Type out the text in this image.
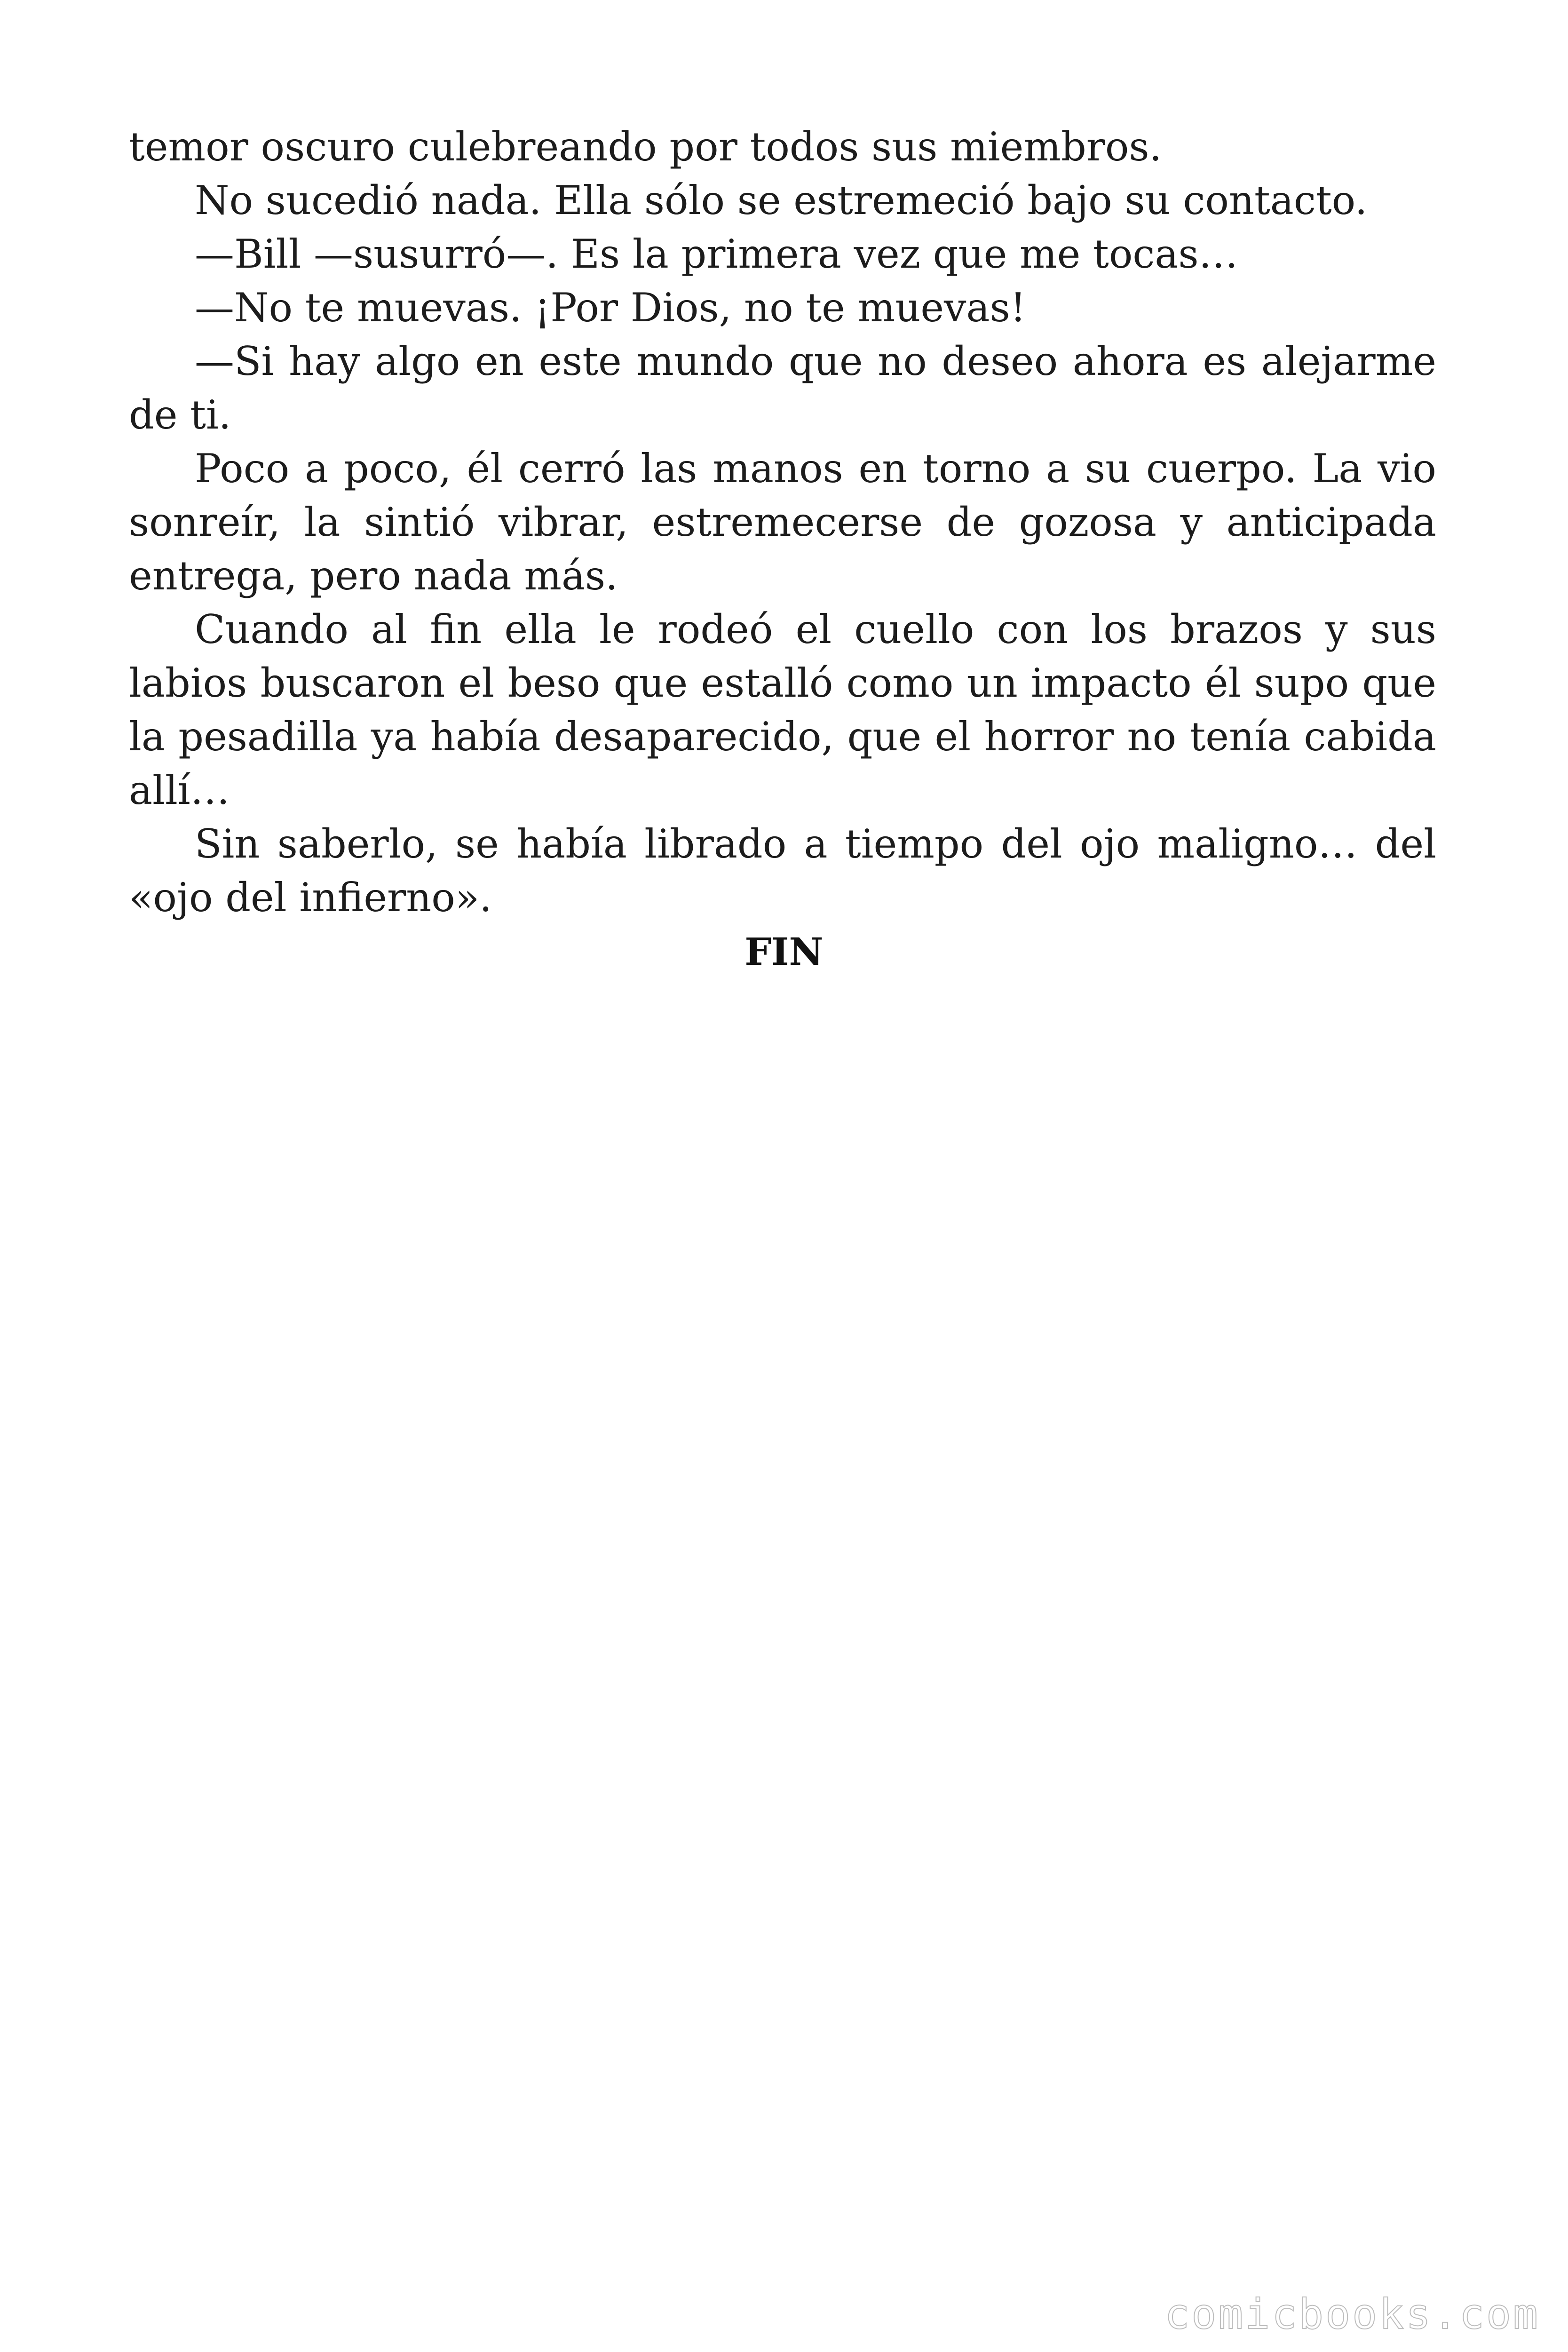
temor oscuro culebreando por todos sus miembros.

No sucedió nada. Ella sólo se estremeció bajo su contacto.

—Bill —susurró—. Es la primera vez que me tocas…

—No te muevas. ¡Por Dios, no te muevas!

—Si hay algo en este mundo que no deseo ahora es alejarme de ti.

Poco a poco, él cerró las manos en torno a su cuerpo. La vio sonreír, la sintió vibrar, estremecerse de gozosa y anticipada entrega, pero nada más.

Cuando al fin ella le rodeó el cuello con los brazos y sus labios buscaron el beso que estalló como un impacto él supo que la pesadilla ya había desaparecido, que el horror no tenía cabida allí…

Sin saberlo, se había librado a tiempo del ojo maligno… del «ojo del infierno».

FIN
comicbooks.com
